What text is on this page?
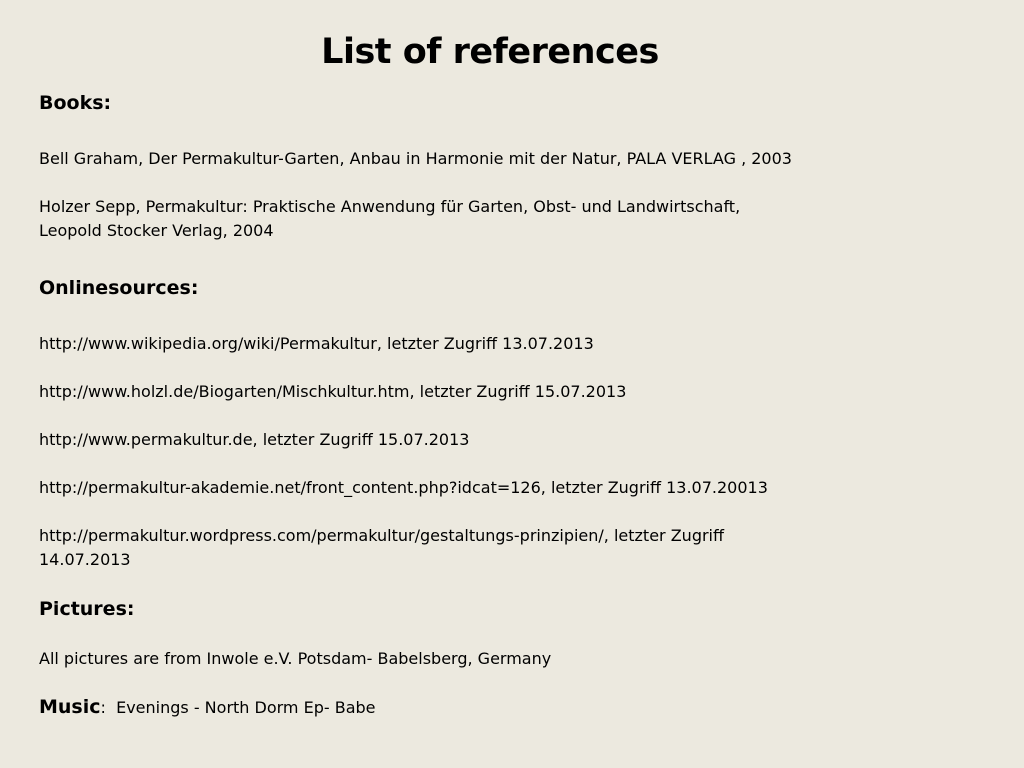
List of references
Books:
Bell Graham, Der Permakultur-Garten, Anbau in Harmonie mit der Natur, PALA VERLAG , 2003
Holzer Sepp, Permakultur: Praktische Anwendung für Garten, Obst- und Landwirtschaft,
Leopold Stocker Verlag, 2004
Onlinesources:
http://www.wikipedia.org/wiki/Permakultur, letzter Zugriff 13.07.2013
http://www.holzl.de/Biogarten/Mischkultur.htm, letzter Zugriff 15.07.2013
http://www.permakultur.de, letzter Zugriff 15.07.2013
http://permakultur-akademie.net/front_content.php?idcat=126, letzter Zugriff 13.07.20013
http://permakultur.wordpress.com/permakultur/gestaltungs-prinzipien/, letzter Zugriff
14.07.2013
Pictures:
All pictures are from Inwole e.V. Potsdam- Babelsberg, Germany
Music: Evenings - North Dorm Ep- Babe
